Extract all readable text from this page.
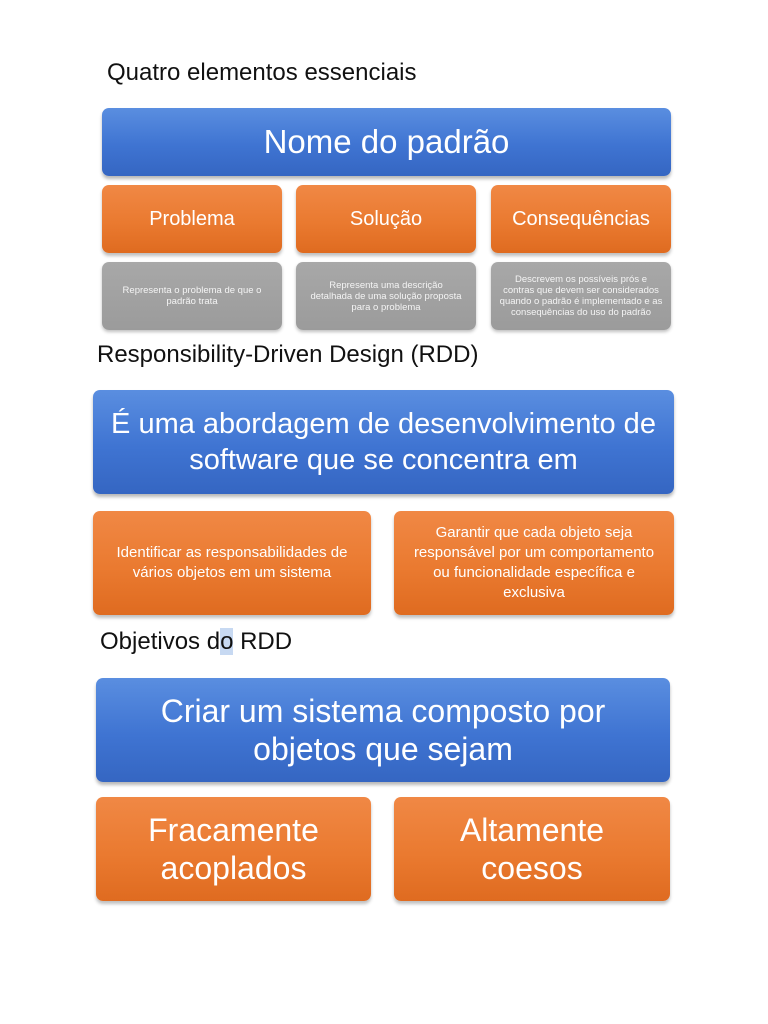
Quatro elementos essenciais
Nome do padrão
Problema	Solução	Consequências
Representa o problema de que o padrão trata
Representa uma descrição detalhada de uma solução proposta para o problema
Descrevem os possíveis prós e contras que devem ser considerados quando o padrão é implementado e as consequências do uso do padrão
Responsibility-Driven Design (RDD)
É uma abordagem de desenvolvimento de software que se concentra em
Identificar as responsabilidades de vários objetos em um sistema
Garantir que cada objeto seja responsável por um comportamento ou funcionalidade específica e exclusiva
Objetivos do RDD
Criar um sistema composto por objetos que sejam
Fracamente acoplados
Altamente coesos
